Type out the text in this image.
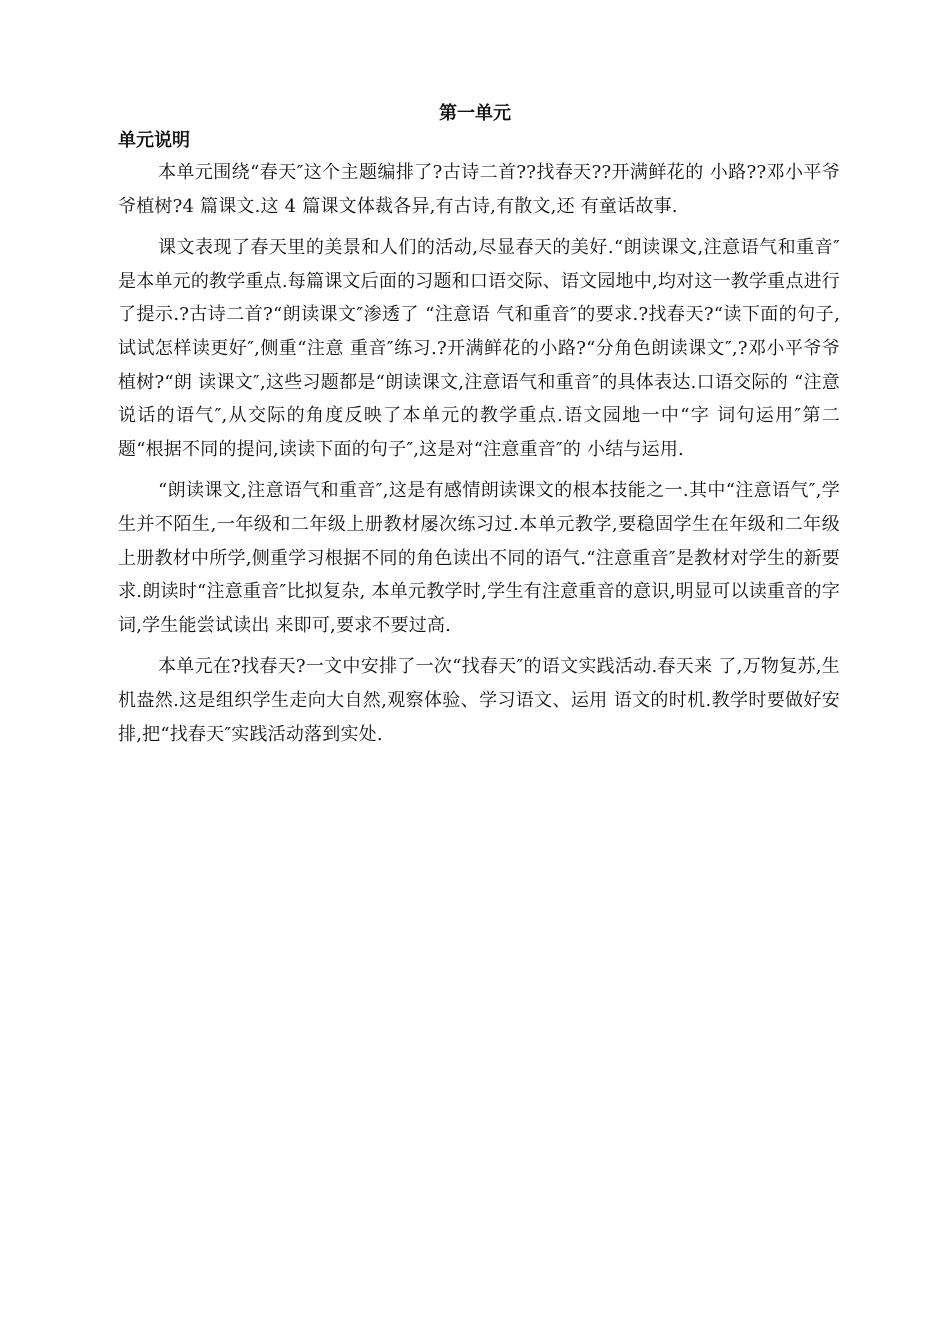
第一单元
单元说明

本单元围绕“春天″这个主题编排了?古诗二首??找春天??开满鲜花的 小路??邓小平爷爷植树?4 篇课文.这 4 篇课文体裁各异,有古诗,有散文,还 有童话故事.

课文表现了春天里的美景和人们的活动,尽显春天的美好.“朗读课文,注意语气和重音″是本单元的教学重点.每篇课文后面的习题和口语交际、语文园地中,均对这一教学重点进行了提示.?古诗二首?“朗读课文″渗透了 “注意语 气和重音″的要求.?找春天?“读下面的句子,试试怎样读更好″,侧重“注意 重音″练习.?开满鲜花的小路?“分角色朗读课文″,?邓小平爷爷植树?“朗 读课文″,这些习题都是“朗读课文,注意语气和重音″的具体表达.口语交际的 “注意说话的语气″,从交际的角度反映了本单元的教学重点.语文园地一中“字 词句运用″第二题“根据不同的提问,读读下面的句子″,这是对“注意重音″的 小结与运用.

“朗读课文,注意语气和重音″,这是有感情朗读课文的根本技能之一.其中“注意语气″,学生并不陌生,一年级和二年级上册教材屡次练习过.本单元教学,要稳固学生在年级和二年级上册教材中所学,侧重学习根据不同的角色读出不同的语气.“注意重音″是教材对学生的新要求.朗读时“注意重音″比拟复杂, 本单元教学时,学生有注意重音的意识,明显可以读重音的字词,学生能尝试读出 来即可,要求不要过高.

本单元在?找春天?一文中安排了一次“找春天″的语文实践活动.春天来 了,万物复苏,生机盎然.这是组织学生走向大自然,观察体验、学习语文、运用 语文的时机.教学时要做好安排,把“找春天″实践活动落到实处.
